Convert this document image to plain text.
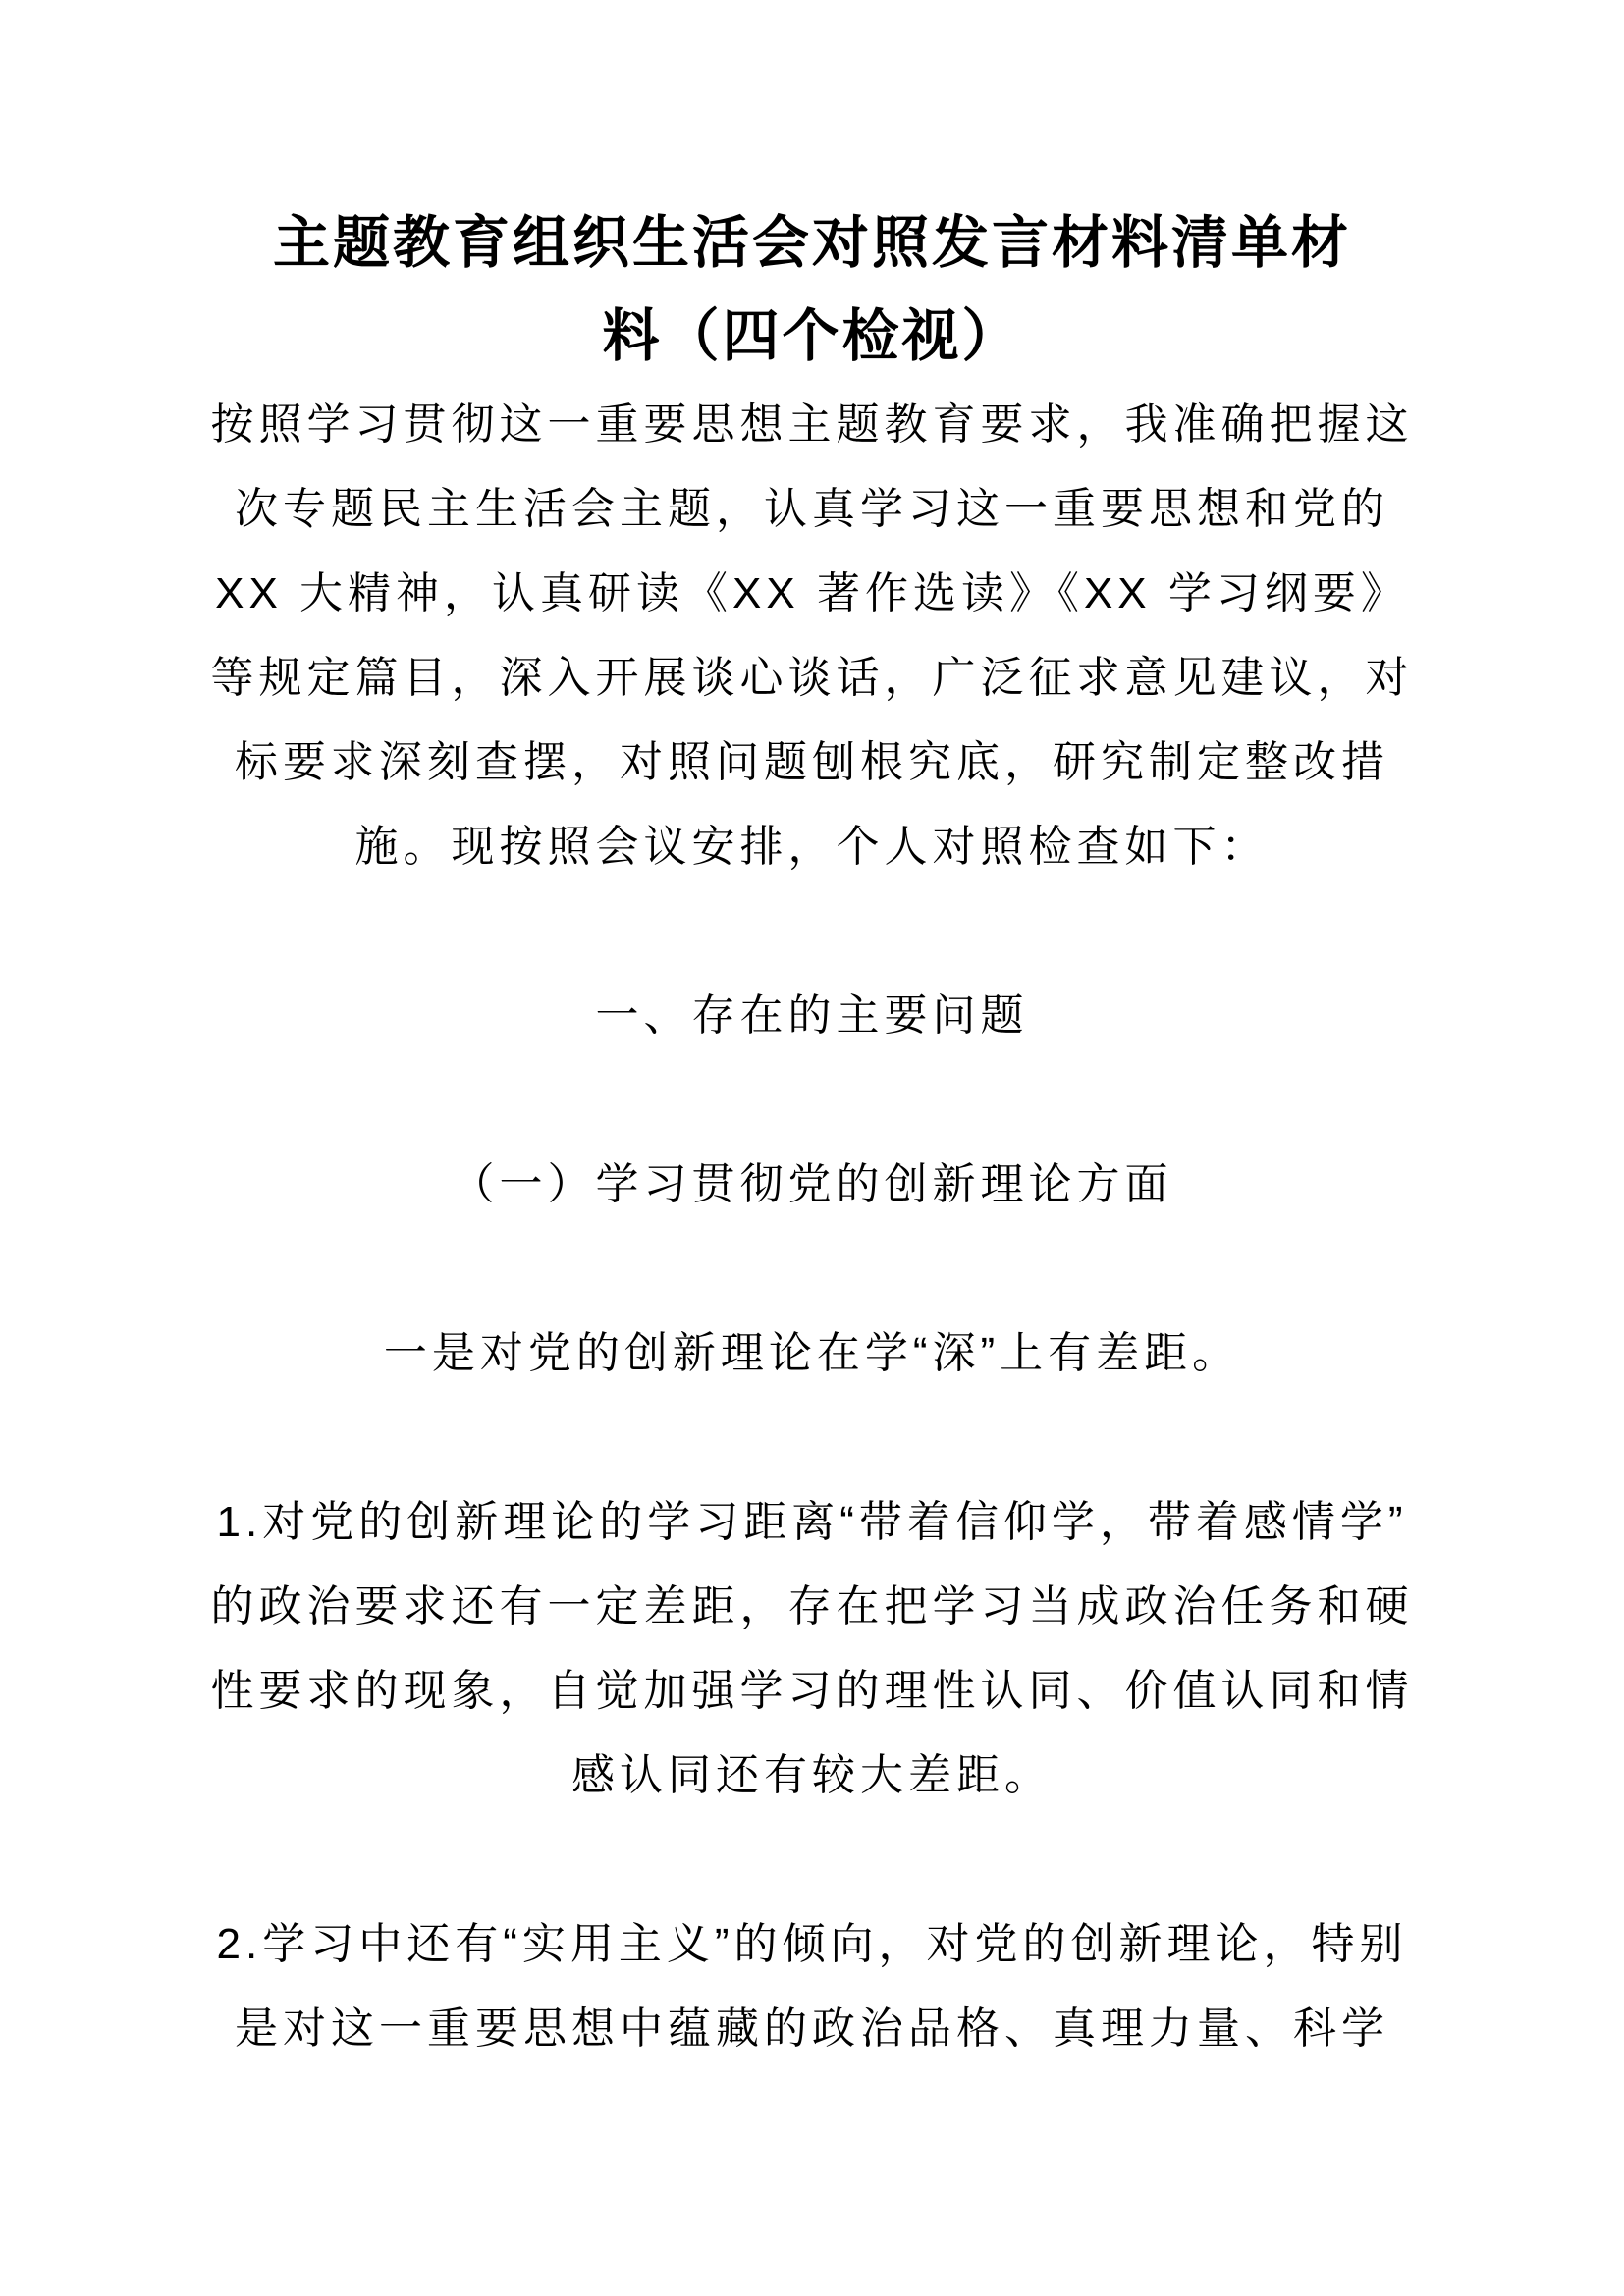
主题教育组织生活会对照发言材料清单材料（四个检视）
按照学习贯彻这一重要思想主题教育要求，我准确把握这次专题民主生活会主题，认真学习这一重要思想和党的 XX 大精神，认真研读《XX 著作选读》《XX 学习纲要》等规定篇目，深入开展谈心谈话，广泛征求意见建议，对标要求深刻查摆，对照问题刨根究底，研究制定整改措施。现按照会议安排，个人对照检查如下：
一、存在的主要问题
（一）学习贯彻党的创新理论方面
一是对党的创新理论在学“深”上有差距。
1.对党的创新理论的学习距离“带着信仰学，带着感情学”的政治要求还有一定差距，存在把学习当成政治任务和硬性要求的现象，自觉加强学习的理性认同、价值认同和情感认同还有较大差距。
2.学习中还有“实用主义”的倾向，对党的创新理论，特别是对这一重要思想中蕴藏的政治品格、真理力量、科学
